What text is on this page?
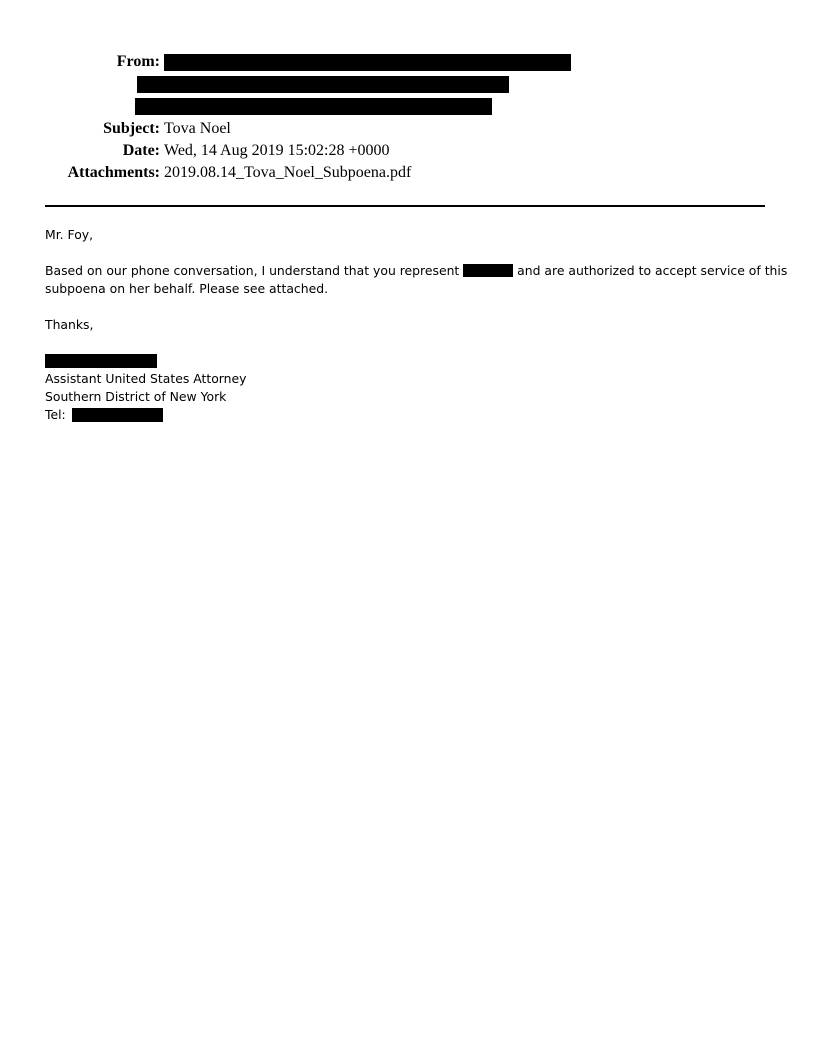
From:
Subject: Tova Noel
Date: Wed, 14 Aug 2019 15:02:28 +0000
Attachments: 2019.08.14_Tova_Noel_Subpoena.pdf
Mr. Foy,
Based on our phone conversation, I understand that you represent	and are authorized to accept service of this
subpoena on her behalf. Please see attached.
Thanks,
Assistant United States Attorney
Southern District of New York
Tel:
